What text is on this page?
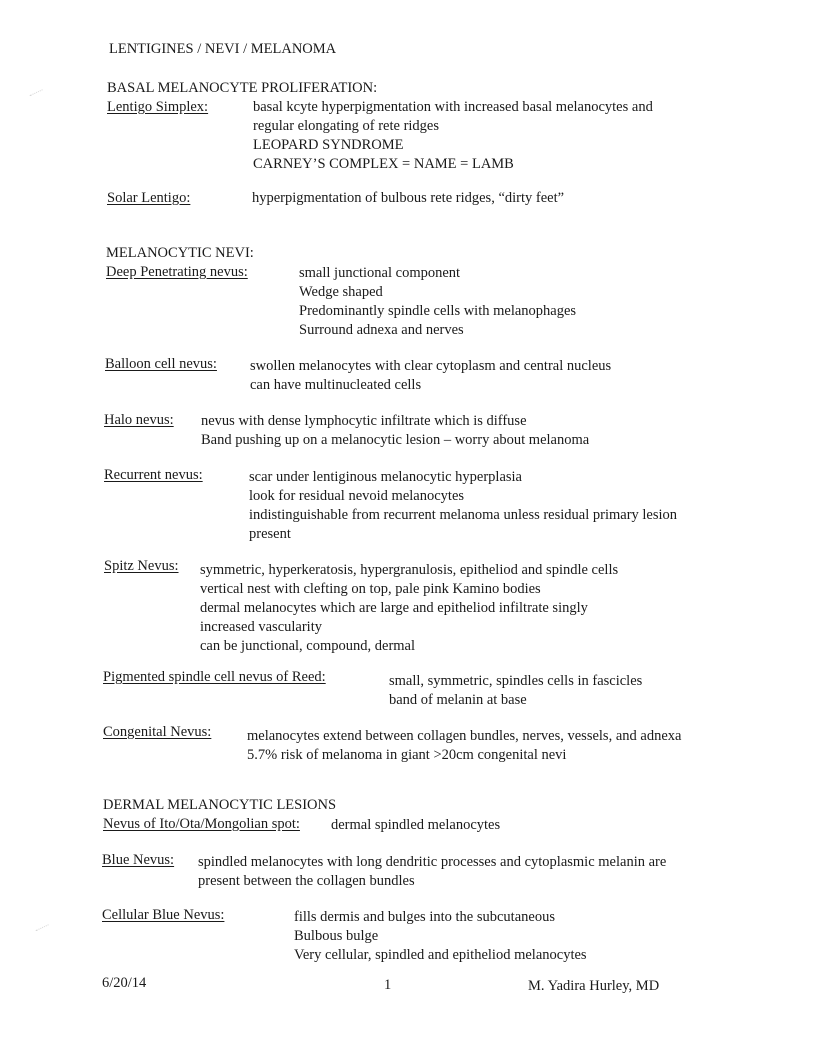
LENTIGINES / NEVI / MELANOMA
BASAL MELANOCYTE PROLIFERATION:
Lentigo Simplex:	basal kcyte hyperpigmentation with increased basal melanocytes and
regular elongating of rete ridges
LEOPARD SYNDROME
CARNEY’S COMPLEX = NAME = LAMB
Solar Lentigo:	hyperpigmentation of bulbous rete ridges, “dirty feet”
MELANOCYTIC NEVI:
Deep Penetrating nevus:	small junctional component
Wedge shaped
Predominantly spindle cells with melanophages
Surround adnexa and nerves
Balloon cell nevus: swollen melanocytes with clear cytoplasm and central nucleus
can have multinucleated cells
Halo nevus: nevus with dense lymphocytic infiltrate which is diffuse
Band pushing up on a melanocytic lesion – worry about melanoma
Recurrent nevus:	scar under lentiginous melanocytic hyperplasia
look for residual nevoid melanocytes
indistinguishable from recurrent melanoma unless residual primary lesion
present
Spitz Nevus: symmetric, hyperkeratosis, hypergranulosis, epitheliod and spindle cells
vertical nest with clefting on top, pale pink Kamino bodies
dermal melanocytes which are large and epitheliod infiltrate singly
increased vascularity
can be junctional, compound, dermal
Pigmented spindle cell nevus of Reed:	small, symmetric, spindles cells in fascicles
band of melanin at base
Congenital Nevus: melanocytes extend between collagen bundles, nerves, vessels, and adnexa
5.7% risk of melanoma in giant >20cm congenital nevi
DERMAL MELANOCYTIC LESIONS
Nevus of Ito/Ota/Mongolian spot: dermal spindled melanocytes
Blue Nevus: spindled melanocytes with long dendritic processes and cytoplasmic melanin are
present between the collagen bundles
Cellular Blue Nevus:	fills dermis and bulges into the subcutaneous
Bulbous bulge
Very cellular, spindled and epitheliod melanocytes
6/20/14	1	M. Yadira Hurley, MD
